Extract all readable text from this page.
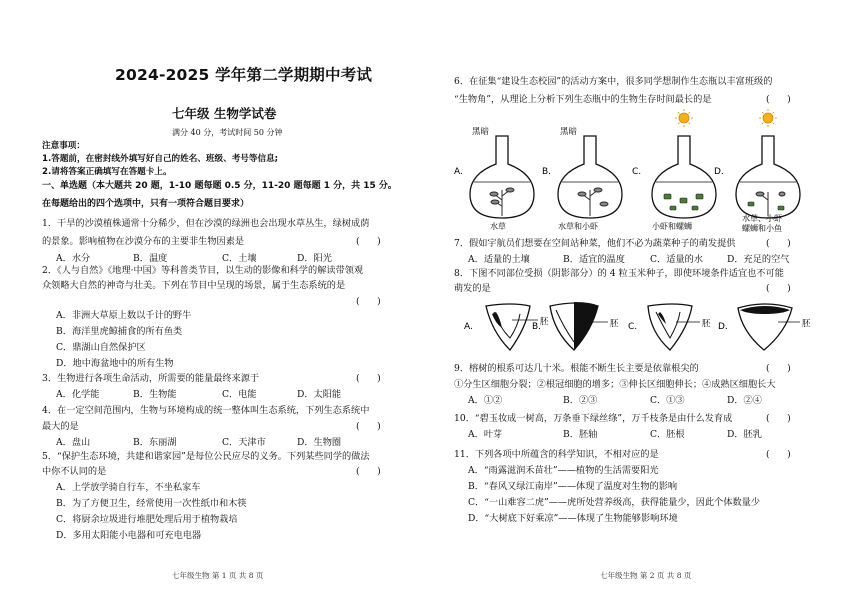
2024-2025 学年第二学期期中考试
七年级 生物学试卷
满分 40 分，考试时间 50 分钟
注意事项：
1.答题前，在密封线外填写好自己的姓名、班级、考号等信息;
2.请将答案正确填写在答题卡上。
一、单选题（本大题共 20 题，1-10 题每题 0.5 分，11-20 题每题 1 分，共 15 分。
在每题给出的四个选项中，只有一项符合题目要求）
1．干旱的沙漠植株通常十分稀少，但在沙漠的绿洲也会出现水草丛生，绿树成荫
的景象。影响植物在沙漠分布的主要非生物因素是	(      )
A．水分	B．温度	C．土壤	D．阳光
2．《人与自然》《地理·中国》等科普类节目，以生动的影像和科学的解读带领观
众领略大自然的神奇与壮美。下列在节目中呈现的场景，属于生态系统的是
(      )
A．非洲大草原上数以千计的野牛
B．海洋里虎鲸捕食的所有鱼类
C．鼎湖山自然保护区
D．地中海盆地中的所有生物
3．生物进行各项生命活动，所需要的能量最终来源于	(      )
A．化学能	B．生物能	C．电能	D．太阳能
4．在一定空间范围内，生物与环境构成的统一整体叫生态系统，下列生态系统中
最大的是	(      )
A．盘山	B．东丽湖	C．天津市	D．生物圈
5．“保护生态环境，共建和谐家园”是每位公民应尽的义务。下列某些同学的做法
中你不认同的是	(      )
A．上学放学骑自行车，不坐私家车
B．为了方便卫生，经常使用一次性纸巾和木筷
C．将厨余垃圾进行堆肥处理后用于植物栽培
D．多用太阳能小电器和可充电电器
七年级生物 第 1 页 共 8 页
6．在征集“建设生态校园”的活动方案中，很多同学想制作生态瓶以丰富班级的
“生物角”，从理论上分析下列生态瓶中的生物生存时间最长的是	(      )
黑暗	黑暗
A.	B.	C.	D.
水草	水草和小虾	小虾和螺蛳
水草、小虾
螺蛳和小鱼
7．假如宇航员们想要在空间站种菜，他们不必为蔬菜种子的萌发提供	(      )
A．适量的土壤	B．适宜的温度	C．适量的水	D．充足的空气
8．下图不同部位受损（阴影部分）的 4 粒玉米种子，即使环境条件适宜也不可能
萌发的是	(      )
A.	B.	C.	D.
胚	胚	胚	胚
9．榕树的根系可达几十米。根能不断生长主要是依靠根尖的	(      )
①分生区细胞分裂；②根冠细胞的增多；③伸长区细胞伸长；④成熟区细胞长大
A．①②	B．②③	C．①③	D．②④
10．“碧玉妆成一树高，万条垂下绿丝绦”，万千枝条是由什么发育成	(      )
A．叶芽	B．胚轴	C．胚根	D．胚乳
11．下列各项中所蕴含的科学知识，不相对应的是	(      )
A．“雨露滋润禾苗壮”——植物的生活需要阳光
B．“春风又绿江南岸”——体现了温度对生物的影响
C．“一山难容二虎”——虎所处营养级高，获得能量少，因此个体数量少
D．“大树底下好乘凉”——体现了生物能够影响环境
七年级生物 第 2 页 共 8 页
